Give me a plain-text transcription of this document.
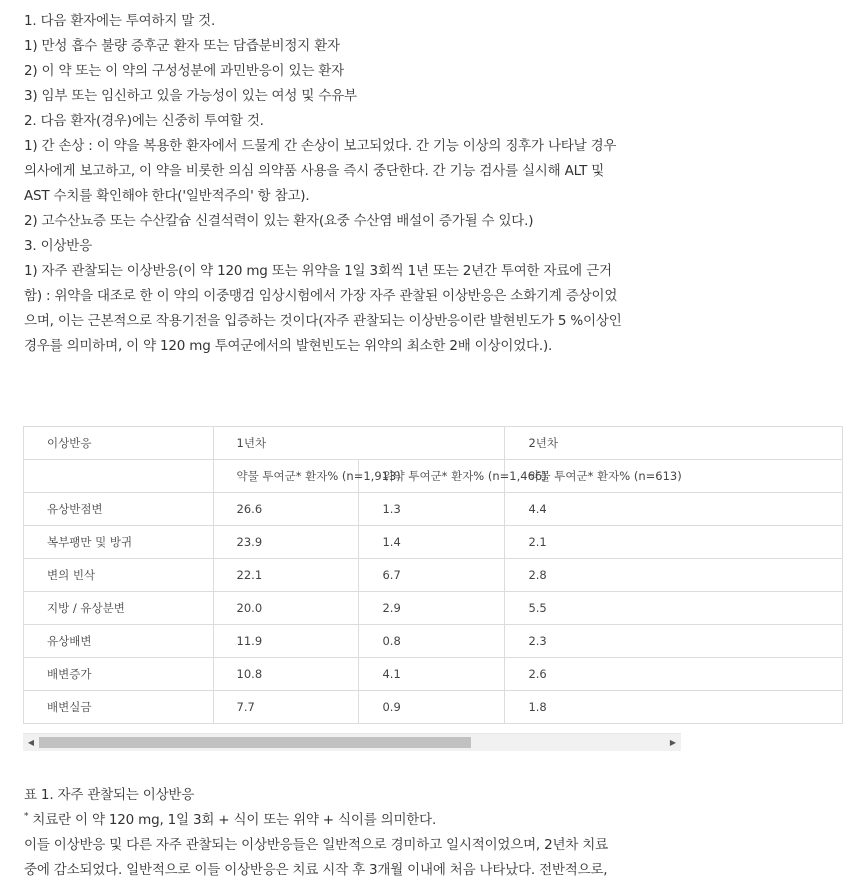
1. 다음 환자에는 투여하지 말 것.

1) 만성 흡수 불량 증후군 환자 또는 담즙분비정지 환자

2) 이 약 또는 이 약의 구성성분에 과민반응이 있는 환자

3) 임부 또는 임신하고 있을 가능성이 있는 여성 및 수유부

2. 다음 환자(경우)에는 신중히 투여할 것.

1) 간 손상 : 이 약을 복용한 환자에서 드물게 간 손상이 보고되었다. 간 기능 이상의 징후가 나타날 경우

의사에게 보고하고, 이 약을 비롯한 의심 의약품 사용을 즉시 중단한다. 간 기능 검사를 실시해 ALT 및

AST 수치를 확인해야 한다('일반적주의' 항 참고).

2) 고수산뇨증 또는 수산칼슘 신결석력이 있는 환자(요중 수산염 배설이 증가될 수 있다.)

3. 이상반응

1) 자주 관찰되는 이상반응(이 약 120 mg 또는 위약을 1일 3회씩 1년 또는 2년간 투여한 자료에 근거

함) : 위약을 대조로 한 이 약의 이중맹검 임상시험에서 가장 자주 관찰된 이상반응은 소화기계 증상이었

으며, 이는 근본적으로 작용기전을 입증하는 것이다(자주 관찰되는 이상반응이란 발현빈도가 5 %이상인

경우를 의미하며, 이 약 120 mg 투여군에서의 발현빈도는 위약의 최소한 2배 이상이었다.).

이상반응	1년차		2년차
	약물 투여군* 환자% (n=1,913)	위약 투여군* 환자% (n=1,466)	약물 투여군* 환자% (n=613)
유상반점변	26.6	1.3	4.4
복부팽만 및 방귀	23.9	1.4	2.1
변의 빈삭	22.1	6.7	2.8
지방 / 유상분변	20.0	2.9	5.5
유상배변	11.9	0.8	2.3
배변증가	10.8	4.1	2.6
배변실금	7.7	0.9	1.8
◀	▶

표 1. 자주 관찰되는 이상반응

* 치료란 이 약 120 mg, 1일 3회 + 식이 또는 위약 + 식이를 의미한다.

이들 이상반응 및 다른 자주 관찰되는 이상반응들은 일반적으로 경미하고 일시적이었으며, 2년차 치료

중에 감소되었다. 일반적으로 이들 이상반응은 치료 시작 후 3개월 이내에 처음 나타났다. 전반적으로,
